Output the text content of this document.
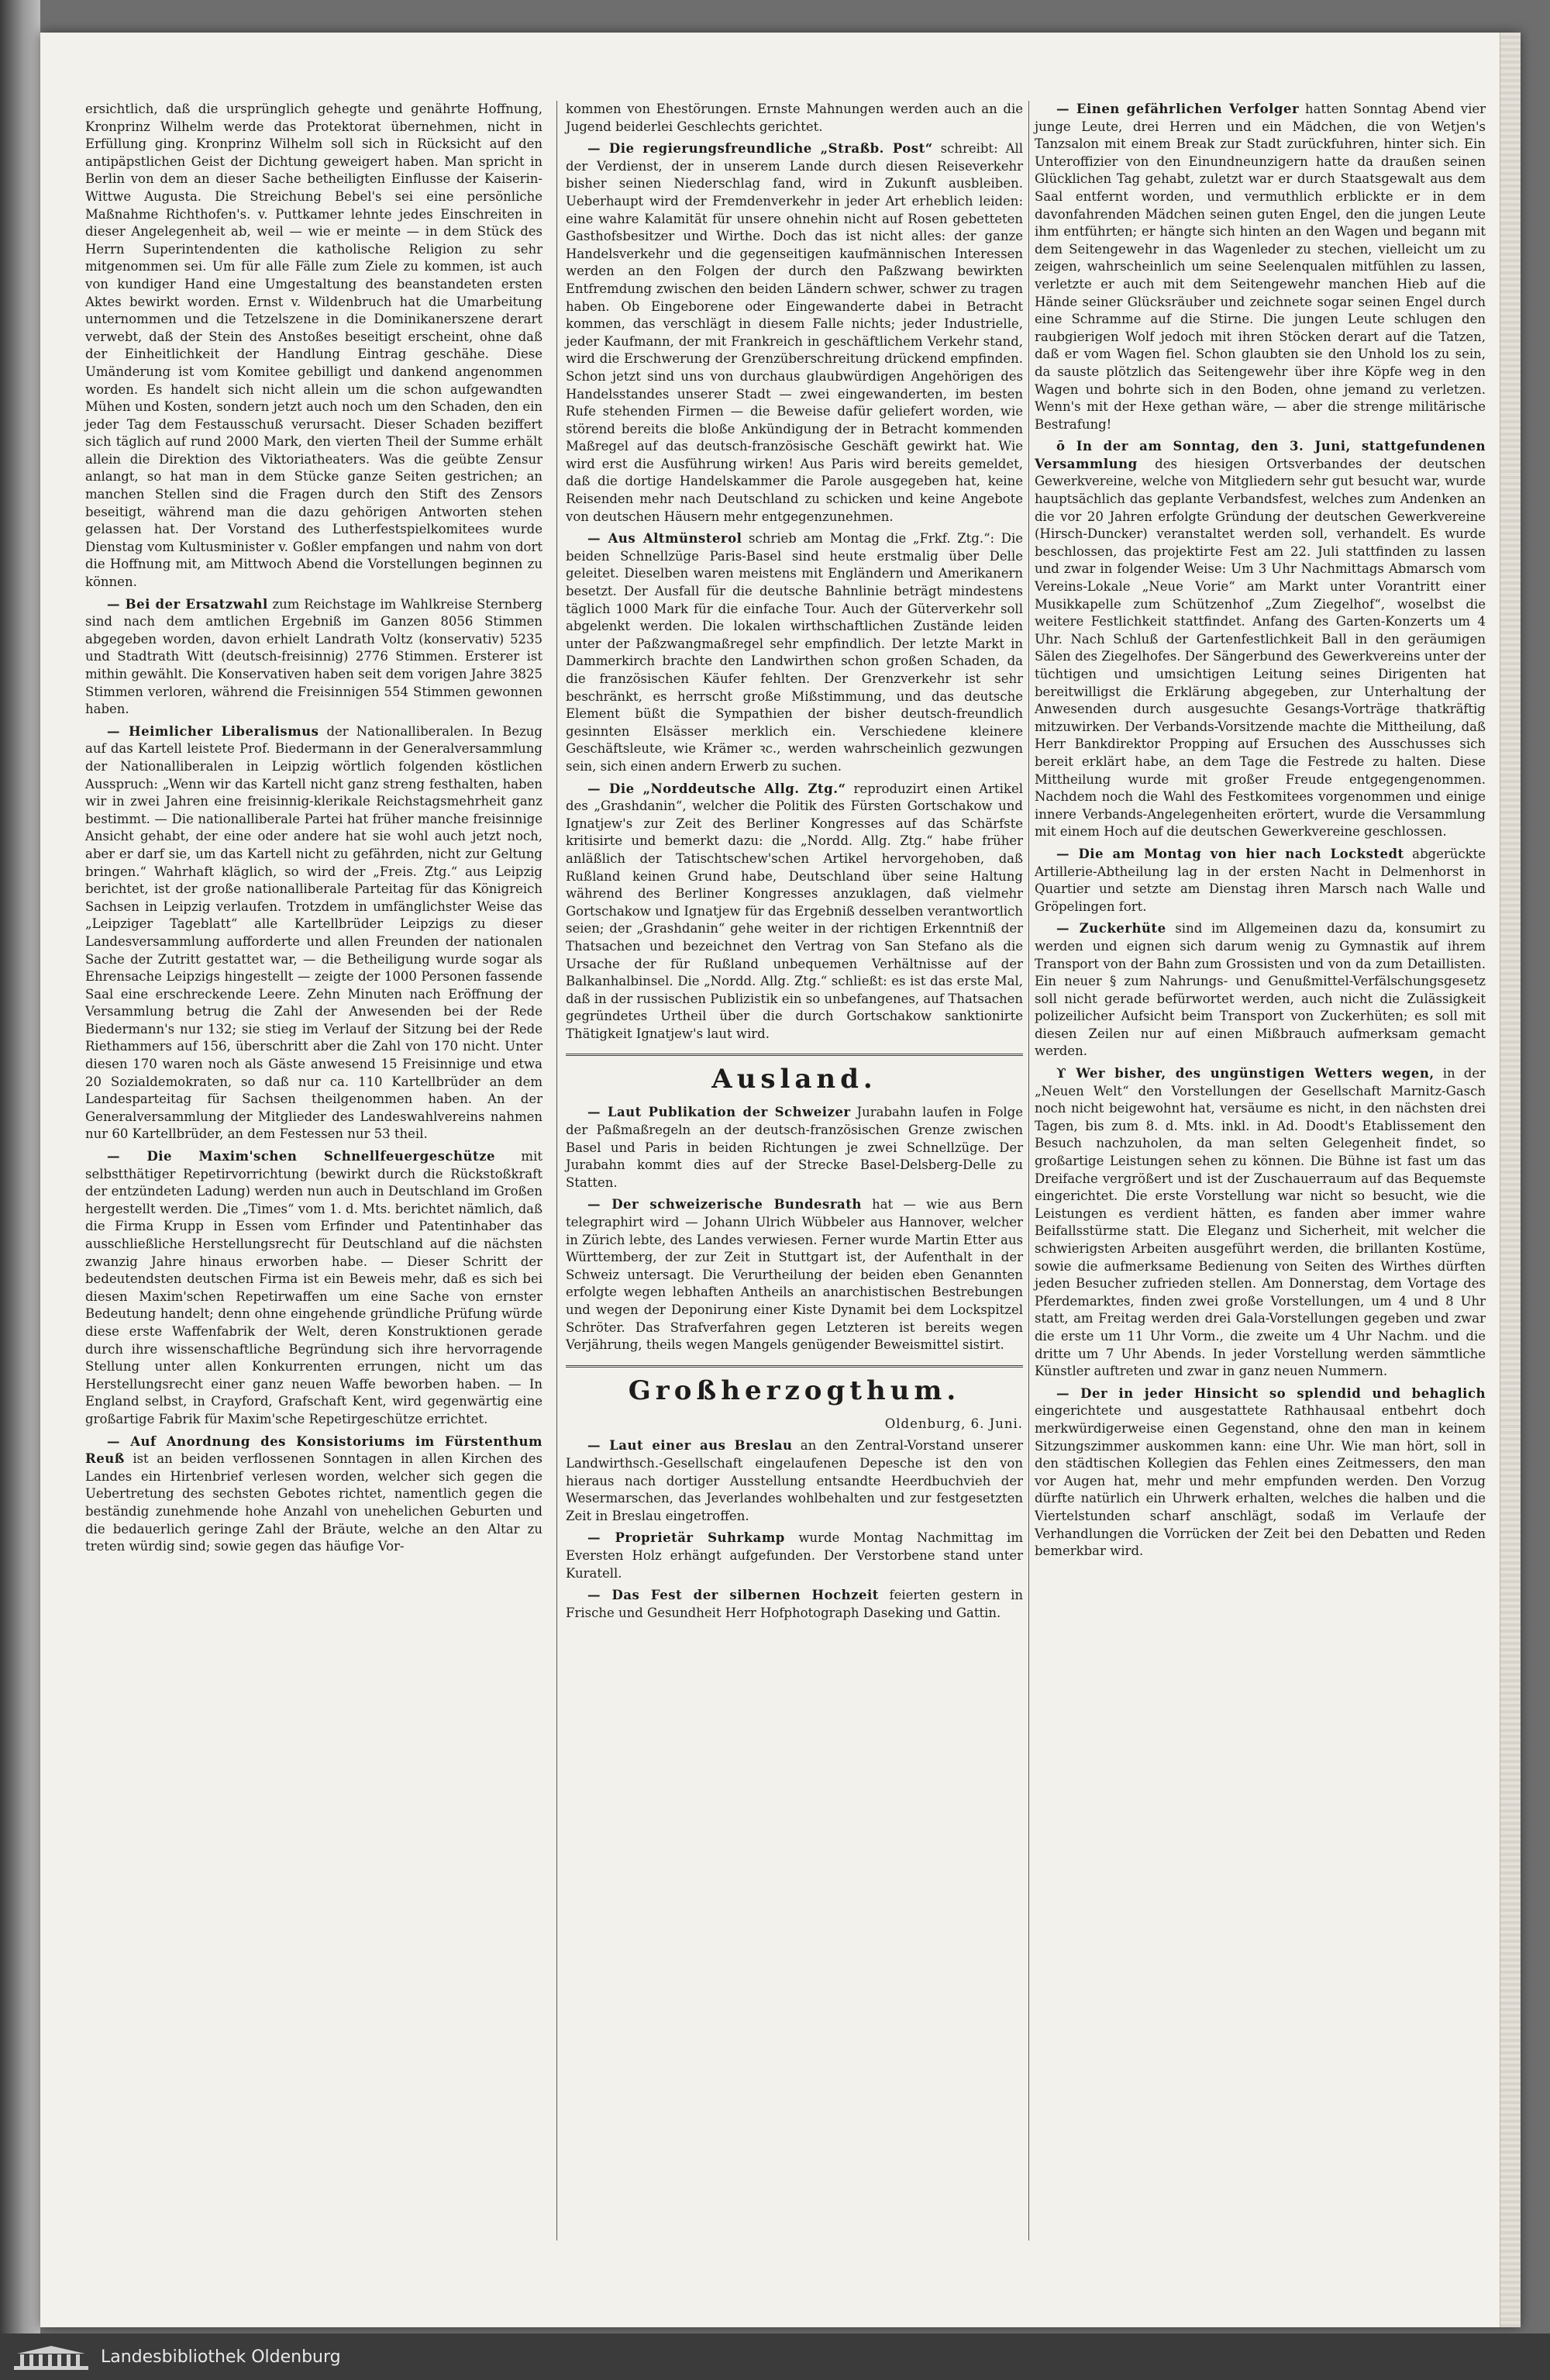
ersichtlich, daß die ursprünglich gehegte und genährte Hoffnung, Kronprinz Wilhelm werde das Protektorat übernehmen, nicht in Erfüllung ging. Kronprinz Wilhelm soll sich in Rücksicht auf den antipäpstlichen Geist der Dichtung geweigert haben. Man spricht in Berlin von dem an dieser Sache betheiligten Einflusse der Kaiserin-Wittwe Augusta. Die Streichung Bebel's sei eine persönliche Maßnahme Richthofen's. v. Puttkamer lehnte jedes Einschreiten in dieser Angelegenheit ab, weil — wie er meinte — in dem Stück des Herrn Superintendenten die katholische Religion zu sehr mitgenommen sei. Um für alle Fälle zum Ziele zu kommen, ist auch von kundiger Hand eine Umgestaltung des beanstandeten ersten Aktes bewirkt worden. Ernst v. Wildenbruch hat die Umarbeitung unternommen und die Tetzelszene in die Dominikanerszene derart verwebt, daß der Stein des Anstoßes beseitigt erscheint, ohne daß der Einheitlichkeit der Handlung Eintrag geschähe. Diese Umänderung ist vom Komitee gebilligt und dankend angenommen worden. Es handelt sich nicht allein um die schon aufgewandten Mühen und Kosten, sondern jetzt auch noch um den Schaden, den ein jeder Tag dem Festausschuß verursacht. Dieser Schaden beziffert sich täglich auf rund 2000 Mark, den vierten Theil der Summe erhält allein die Direktion des Viktoriatheaters. Was die geübte Zensur anlangt, so hat man in dem Stücke ganze Seiten gestrichen; an manchen Stellen sind die Fragen durch den Stift des Zensors beseitigt, während man die dazu gehörigen Antworten stehen gelassen hat. Der Vorstand des Lutherfestspielkomitees wurde Dienstag vom Kultusminister v. Goßler empfangen und nahm von dort die Hoffnung mit, am Mittwoch Abend die Vorstellungen beginnen zu können.

— Bei der Ersatzwahl zum Reichstage im Wahlkreise Sternberg sind nach dem amtlichen Ergebniß im Ganzen 8056 Stimmen abgegeben worden, davon erhielt Landrath Voltz (konservativ) 5235 und Stadtrath Witt (deutsch-freisinnig) 2776 Stimmen. Ersterer ist mithin gewählt. Die Konservativen haben seit dem vorigen Jahre 3825 Stimmen verloren, während die Freisinnigen 554 Stimmen gewonnen haben.

— Heimlicher Liberalismus der Nationalliberalen. In Bezug auf das Kartell leistete Prof. Biedermann in der Generalversammlung der Nationalliberalen in Leipzig wörtlich folgenden köstlichen Ausspruch: „Wenn wir das Kartell nicht ganz streng festhalten, haben wir in zwei Jahren eine freisinnig-klerikale Reichstagsmehrheit ganz bestimmt. — Die nationalliberale Partei hat früher manche freisinnige Ansicht gehabt, der eine oder andere hat sie wohl auch jetzt noch, aber er darf sie, um das Kartell nicht zu gefährden, nicht zur Geltung bringen.“ Wahrhaft kläglich, so wird der „Freis. Ztg.“ aus Leipzig berichtet, ist der große nationalliberale Parteitag für das Königreich Sachsen in Leipzig verlaufen. Trotzdem in umfänglichster Weise das „Leipziger Tageblatt“ alle Kartellbrüder Leipzigs zu dieser Landesversammlung aufforderte und allen Freunden der nationalen Sache der Zutritt gestattet war, — die Betheiligung wurde sogar als Ehrensache Leipzigs hingestellt — zeigte der 1000 Personen fassende Saal eine erschreckende Leere. Zehn Minuten nach Eröffnung der Versammlung betrug die Zahl der Anwesenden bei der Rede Biedermann's nur 132; sie stieg im Verlauf der Sitzung bei der Rede Riethammers auf 156, überschritt aber die Zahl von 170 nicht. Unter diesen 170 waren noch als Gäste anwesend 15 Freisinnige und etwa 20 Sozialdemokraten, so daß nur ca. 110 Kartellbrüder an dem Landesparteitag für Sachsen theilgenommen haben. An der Generalversammlung der Mitglieder des Landeswahlvereins nahmen nur 60 Kartellbrüder, an dem Festessen nur 53 theil.

— Die Maxim'schen Schnellfeuergeschütze mit selbstthätiger Repetirvorrichtung (bewirkt durch die Rückstoßkraft der entzündeten Ladung) werden nun auch in Deutschland im Großen hergestellt werden. Die „Times“ vom 1. d. Mts. berichtet nämlich, daß die Firma Krupp in Essen vom Erfinder und Patentinhaber das ausschließliche Herstellungsrecht für Deutschland auf die nächsten zwanzig Jahre hinaus erworben habe. — Dieser Schritt der bedeutendsten deutschen Firma ist ein Beweis mehr, daß es sich bei diesen Maxim'schen Repetirwaffen um eine Sache von ernster Bedeutung handelt; denn ohne eingehende gründliche Prüfung würde diese erste Waffenfabrik der Welt, deren Konstruktionen gerade durch ihre wissenschaftliche Begründung sich ihre hervorragende Stellung unter allen Konkurrenten errungen, nicht um das Herstellungsrecht einer ganz neuen Waffe beworben haben. — In England selbst, in Crayford, Grafschaft Kent, wird gegenwärtig eine großartige Fabrik für Maxim'sche Repetirgeschütze errichtet.

— Auf Anordnung des Konsistoriums im Fürstenthum Reuß ist an beiden verflossenen Sonntagen in allen Kirchen des Landes ein Hirtenbrief verlesen worden, welcher sich gegen die Uebertretung des sechsten Gebotes richtet, namentlich gegen die beständig zunehmende hohe Anzahl von unehelichen Geburten und die bedauerlich geringe Zahl der Bräute, welche an den Altar zu treten würdig sind; sowie gegen das häufige Vor-

kommen von Ehestörungen. Ernste Mahnungen werden auch an die Jugend beiderlei Geschlechts gerichtet.

— Die regierungsfreundliche „Straßb. Post“ schreibt: All der Verdienst, der in unserem Lande durch diesen Reiseverkehr bisher seinen Niederschlag fand, wird in Zukunft ausbleiben. Ueberhaupt wird der Fremdenverkehr in jeder Art erheblich leiden: eine wahre Kalamität für unsere ohnehin nicht auf Rosen gebetteten Gasthofsbesitzer und Wirthe. Doch das ist nicht alles: der ganze Handelsverkehr und die gegenseitigen kaufmännischen Interessen werden an den Folgen der durch den Paßzwang bewirkten Entfremdung zwischen den beiden Ländern schwer, schwer zu tragen haben. Ob Eingeborene oder Eingewanderte dabei in Betracht kommen, das verschlägt in diesem Falle nichts; jeder Industrielle, jeder Kaufmann, der mit Frankreich in geschäftlichem Verkehr stand, wird die Erschwerung der Grenzüberschreitung drückend empfinden. Schon jetzt sind uns von durchaus glaubwürdigen Angehörigen des Handelsstandes unserer Stadt — zwei eingewanderten, im besten Rufe stehenden Firmen — die Beweise dafür geliefert worden, wie störend bereits die bloße Ankündigung der in Betracht kommenden Maßregel auf das deutsch-französische Geschäft gewirkt hat. Wie wird erst die Ausführung wirken! Aus Paris wird bereits gemeldet, daß die dortige Handelskammer die Parole ausgegeben hat, keine Reisenden mehr nach Deutschland zu schicken und keine Angebote von deutschen Häusern mehr entgegenzunehmen.

— Aus Altmünsterol schrieb am Montag die „Frkf. Ztg.“: Die beiden Schnellzüge Paris-Basel sind heute erstmalig über Delle geleitet. Dieselben waren meistens mit Engländern und Amerikanern besetzt. Der Ausfall für die deutsche Bahnlinie beträgt mindestens täglich 1000 Mark für die einfache Tour. Auch der Güterverkehr soll abgelenkt werden. Die lokalen wirthschaftlichen Zustände leiden unter der Paßzwangmaßregel sehr empfindlich. Der letzte Markt in Dammerkirch brachte den Landwirthen schon großen Schaden, da die französischen Käufer fehlten. Der Grenzverkehr ist sehr beschränkt, es herrscht große Mißstimmung, und das deutsche Element büßt die Sympathien der bisher deutsch-freundlich gesinnten Elsässer merklich ein. Verschiedene kleinere Geschäftsleute, wie Krämer ꝛc., werden wahrscheinlich gezwungen sein, sich einen andern Erwerb zu suchen.

— Die „Norddeutsche Allg. Ztg.“ reproduzirt einen Artikel des „Grashdanin“, welcher die Politik des Fürsten Gortschakow und Ignatjew's zur Zeit des Berliner Kongresses auf das Schärfste kritisirte und bemerkt dazu: die „Nordd. Allg. Ztg.“ habe früher anläßlich der Tatischtschew'schen Artikel hervorgehoben, daß Rußland keinen Grund habe, Deutschland über seine Haltung während des Berliner Kongresses anzuklagen, daß vielmehr Gortschakow und Ignatjew für das Ergebniß desselben verantwortlich seien; der „Grashdanin“ gehe weiter in der richtigen Erkenntniß der Thatsachen und bezeichnet den Vertrag von San Stefano als die Ursache der für Rußland unbequemen Verhältnisse auf der Balkanhalbinsel. Die „Nordd. Allg. Ztg.“ schließt: es ist das erste Mal, daß in der russischen Publizistik ein so unbefangenes, auf Thatsachen gegründetes Urtheil über die durch Gortschakow sanktionirte Thätigkeit Ignatjew's laut wird.

Ausland.

— Laut Publikation der Schweizer Jurabahn laufen in Folge der Paßmaßregeln an der deutsch-französischen Grenze zwischen Basel und Paris in beiden Richtungen je zwei Schnellzüge. Der Jurabahn kommt dies auf der Strecke Basel-Delsberg-Delle zu Statten.

— Der schweizerische Bundesrath hat — wie aus Bern telegraphirt wird — Johann Ulrich Wübbeler aus Hannover, welcher in Zürich lebte, des Landes verwiesen. Ferner wurde Martin Etter aus Württemberg, der zur Zeit in Stuttgart ist, der Aufenthalt in der Schweiz untersagt. Die Verurtheilung der beiden eben Genannten erfolgte wegen lebhaften Antheils an anarchistischen Bestrebungen und wegen der Deponirung einer Kiste Dynamit bei dem Lockspitzel Schröter. Das Strafverfahren gegen Letzteren ist bereits wegen Verjährung, theils wegen Mangels genügender Beweismittel sistirt.

Großherzogthum.
Oldenburg, 6. Juni.

— Laut einer aus Breslau an den Zentral-Vorstand unserer Landwirthsch.-Gesellschaft eingelaufenen Depesche ist den von hieraus nach dortiger Ausstellung entsandte Heerdbuchvieh der Wesermarschen, das Jeverlandes wohlbehalten und zur festgesetzten Zeit in Breslau eingetroffen.

— Proprietär Suhrkamp wurde Montag Nachmittag im Eversten Holz erhängt aufgefunden. Der Verstorbene stand unter Kuratell.

— Das Fest der silbernen Hochzeit feierten gestern in Frische und Gesundheit Herr Hofphotograph Daseking und Gattin.

— Einen gefährlichen Verfolger hatten Sonntag Abend vier junge Leute, drei Herren und ein Mädchen, die von Wetjen's Tanzsalon mit einem Break zur Stadt zurückfuhren, hinter sich. Ein Unteroffizier von den Einundneunzigern hatte da draußen seinen Glücklichen Tag gehabt, zuletzt war er durch Staatsgewalt aus dem Saal entfernt worden, und vermuthlich erblickte er in dem davonfahrenden Mädchen seinen guten Engel, den die jungen Leute ihm entführten; er hängte sich hinten an den Wagen und begann mit dem Seitengewehr in das Wagenleder zu stechen, vielleicht um zu zeigen, wahrscheinlich um seine Seelenqualen mitfühlen zu lassen, verletzte er auch mit dem Seitengewehr manchen Hieb auf die Hände seiner Glücksräuber und zeichnete sogar seinen Engel durch eine Schramme auf die Stirne. Die jungen Leute schlugen den raubgierigen Wolf jedoch mit ihren Stöcken derart auf die Tatzen, daß er vom Wagen fiel. Schon glaubten sie den Unhold los zu sein, da sauste plötzlich das Seitengewehr über ihre Köpfe weg in den Wagen und bohrte sich in den Boden, ohne jemand zu verletzen. Wenn's mit der Hexe gethan wäre, — aber die strenge militärische Bestrafung!

ō In der am Sonntag, den 3. Juni, stattgefundenen Versammlung des hiesigen Ortsverbandes der deutschen Gewerkvereine, welche von Mitgliedern sehr gut besucht war, wurde hauptsächlich das geplante Verbandsfest, welches zum Andenken an die vor 20 Jahren erfolgte Gründung der deutschen Gewerkvereine (Hirsch-Duncker) veranstaltet werden soll, verhandelt. Es wurde beschlossen, das projektirte Fest am 22. Juli stattfinden zu lassen und zwar in folgender Weise: Um 3 Uhr Nachmittags Abmarsch vom Vereins-Lokale „Neue Vorie“ am Markt unter Vorantritt einer Musikkapelle zum Schützenhof „Zum Ziegelhof“, woselbst die weitere Festlichkeit stattfindet. Anfang des Garten-Konzerts um 4 Uhr. Nach Schluß der Gartenfestlichkeit Ball in den geräumigen Sälen des Ziegelhofes. Der Sängerbund des Gewerkvereins unter der tüchtigen und umsichtigen Leitung seines Dirigenten hat bereitwilligst die Erklärung abgegeben, zur Unterhaltung der Anwesenden durch ausgesuchte Gesangs-Vorträge thatkräftig mitzuwirken. Der Verbands-Vorsitzende machte die Mittheilung, daß Herr Bankdirektor Propping auf Ersuchen des Ausschusses sich bereit erklärt habe, an dem Tage die Festrede zu halten. Diese Mittheilung wurde mit großer Freude entgegengenommen. Nachdem noch die Wahl des Festkomitees vorgenommen und einige innere Verbands-Angelegenheiten erörtert, wurde die Versammlung mit einem Hoch auf die deutschen Gewerkvereine geschlossen.

— Die am Montag von hier nach Lockstedt abgerückte Artillerie-Abtheilung lag in der ersten Nacht in Delmenhorst in Quartier und setzte am Dienstag ihren Marsch nach Walle und Gröpelingen fort.

— Zuckerhüte sind im Allgemeinen dazu da, konsumirt zu werden und eignen sich darum wenig zu Gymnastik auf ihrem Transport von der Bahn zum Grossisten und von da zum Detaillisten. Ein neuer § zum Nahrungs- und Genußmittel-Verfälschungsgesetz soll nicht gerade befürwortet werden, auch nicht die Zulässigkeit polizeilicher Aufsicht beim Transport von Zuckerhüten; es soll mit diesen Zeilen nur auf einen Mißbrauch aufmerksam gemacht werden.

ϒ Wer bisher, des ungünstigen Wetters wegen, in der „Neuen Welt“ den Vorstellungen der Gesellschaft Marnitz-Gasch noch nicht beigewohnt hat, versäume es nicht, in den nächsten drei Tagen, bis zum 8. d. Mts. inkl. in Ad. Doodt's Etablissement den Besuch nachzuholen, da man selten Gelegenheit findet, so großartige Leistungen sehen zu können. Die Bühne ist fast um das Dreifache vergrößert und ist der Zuschauerraum auf das Bequemste eingerichtet. Die erste Vorstellung war nicht so besucht, wie die Leistungen es verdient hätten, es fanden aber immer wahre Beifallsstürme statt. Die Eleganz und Sicherheit, mit welcher die schwierigsten Arbeiten ausgeführt werden, die brillanten Kostüme, sowie die aufmerksame Bedienung von Seiten des Wirthes dürften jeden Besucher zufrieden stellen. Am Donnerstag, dem Vortage des Pferdemarktes, finden zwei große Vorstellungen, um 4 und 8 Uhr statt, am Freitag werden drei Gala-Vorstellungen gegeben und zwar die erste um 11 Uhr Vorm., die zweite um 4 Uhr Nachm. und die dritte um 7 Uhr Abends. In jeder Vorstellung werden sämmtliche Künstler auftreten und zwar in ganz neuen Nummern.

— Der in jeder Hinsicht so splendid und behaglich eingerichtete und ausgestattete Rathhausaal entbehrt doch merkwürdigerweise einen Gegenstand, ohne den man in keinem Sitzungszimmer auskommen kann: eine Uhr. Wie man hört, soll in den städtischen Kollegien das Fehlen eines Zeitmessers, den man vor Augen hat, mehr und mehr empfunden werden. Den Vorzug dürfte natürlich ein Uhrwerk erhalten, welches die halben und die Viertelstunden scharf anschlägt, sodaß im Verlaufe der Verhandlungen die Vorrücken der Zeit bei den Debatten und Reden bemerkbar wird.

Landesbibliothek Oldenburg
